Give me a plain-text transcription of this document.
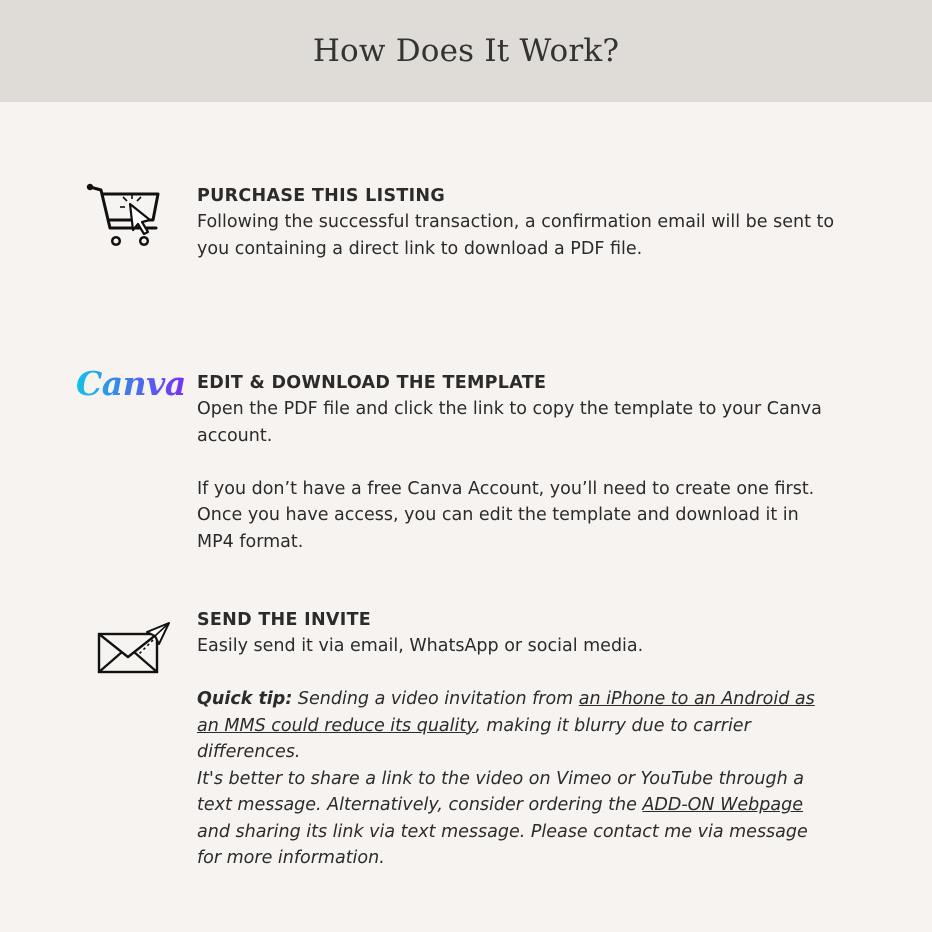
How Does It Work?
PURCHASE THIS LISTING
Following the successful transaction, a confirmation email will be sent to you containing a direct link to download a PDF file.
Canva EDIT & DOWNLOAD THE TEMPLATE
Open the PDF file and click the link to copy the template to your Canva account.
If you don’t have a free Canva Account, you’ll need to create one first. Once you have access, you can edit the template and download it in MP4 format.
SEND THE INVITE
Easily send it via email, WhatsApp or social media.
Quick tip: Sending a video invitation from an iPhone to an Android as an MMS could reduce its quality, making it blurry due to carrier differences.
It's better to share a link to the video on Vimeo or YouTube through a text message. Alternatively, consider ordering the ADD-ON Webpage and sharing its link via text message. Please contact me via message for more information.
